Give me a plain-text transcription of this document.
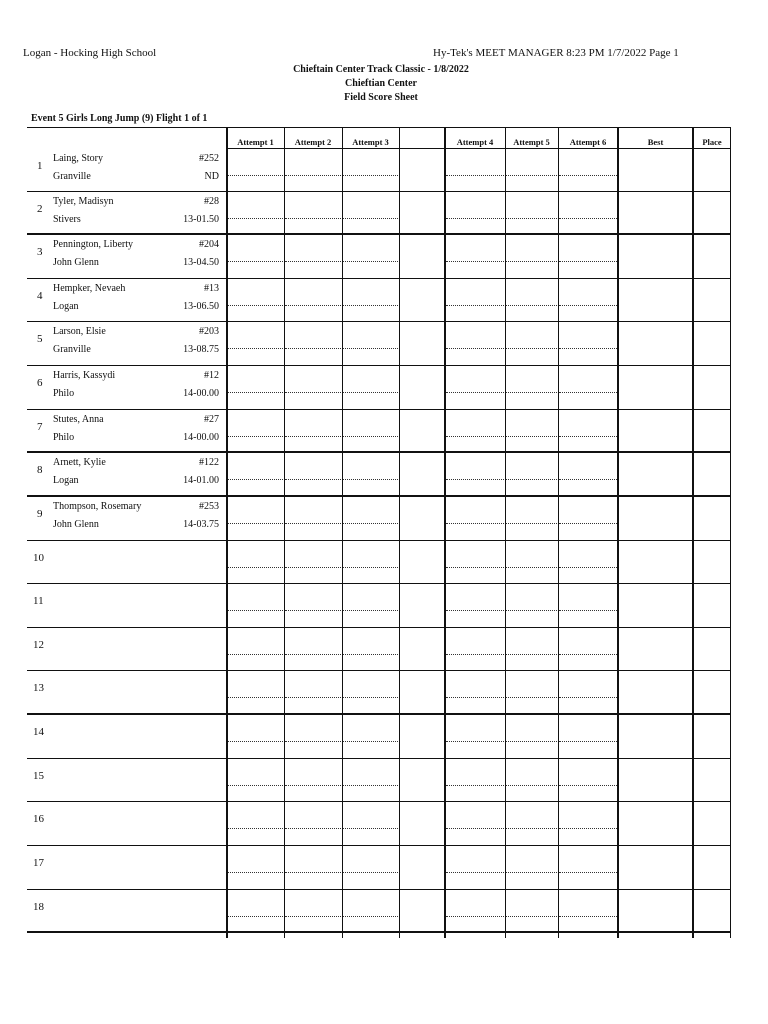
Logan - Hocking High School	Hy-Tek's MEET MANAGER 8:23 PM 1/7/2022 Page 1
Chieftain Center Track Classic - 1/8/2022
Chieftian Center
Field Score Sheet
Event 5 Girls Long Jump (9) Flight 1 of 1
Attempt 1	Attempt 2	Attempt 3	Attempt 4	Attempt 5	Attempt 6	Best	Place
1
Laing, Story	#252
Granville	ND
2
Tyler, Madisyn	#28
Stivers	13-01.50
3
Pennington, Liberty	#204
John Glenn	13-04.50
4
Hempker, Nevaeh	#13
Logan	13-06.50
5
Larson, Elsie	#203
Granville	13-08.75
6
Harris, Kassydi	#12
Philo	14-00.00
7
Stutes, Anna	#27
Philo	14-00.00
8
Arnett, Kylie	#122
Logan	14-01.00
9
Thompson, Rosemary	#253
John Glenn	14-03.75
10
11
12
13
14
15
16
17
18
